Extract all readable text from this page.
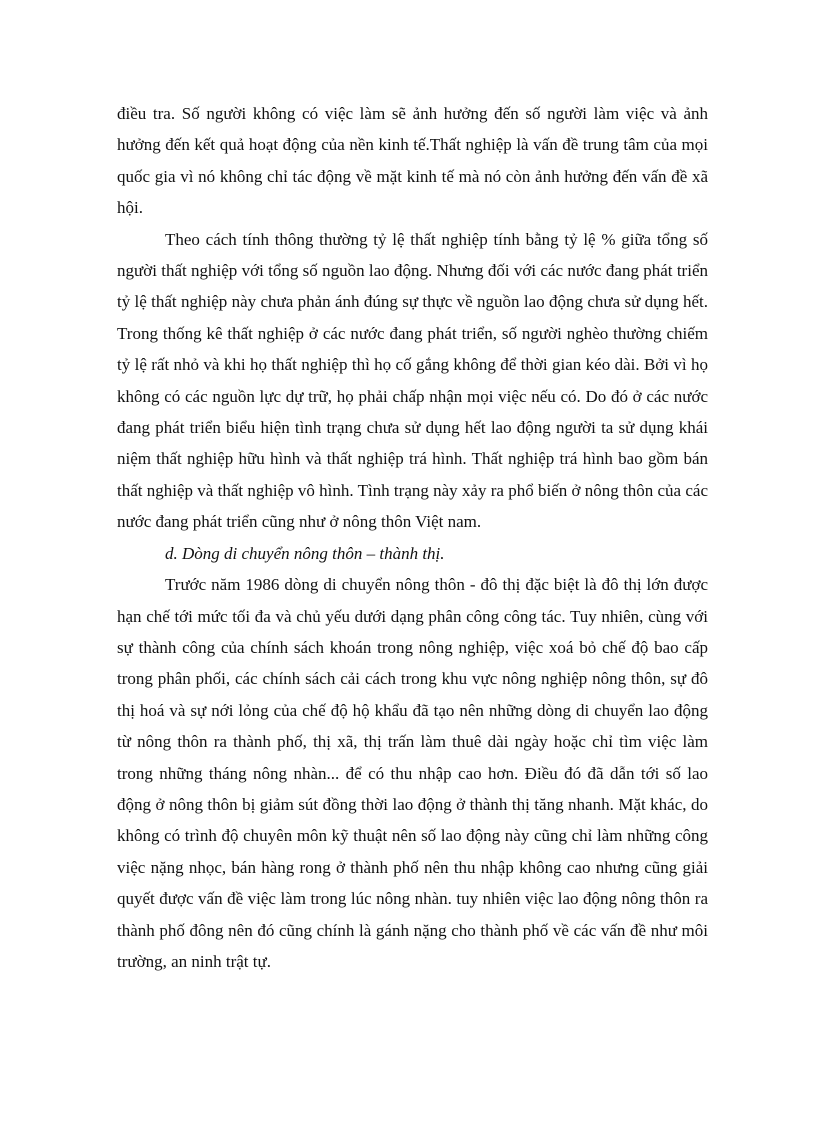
điều tra. Số người không có việc làm sẽ ảnh hưởng đến số người làm việc và ảnh hưởng đến kết quả hoạt động của nền kinh tế.Thất nghiệp là vấn đề trung tâm của mọi quốc gia vì nó không chỉ tác động về mặt kinh tế mà nó còn ảnh hưởng đến vấn đề xã hội.

Theo cách tính thông thường tỷ lệ thất nghiệp tính bằng tỷ lệ % giữa tổng số người thất nghiệp với tổng số nguồn lao động. Nhưng đối với các nước đang phát triển tỷ lệ thất nghiệp này chưa phản ánh đúng sự thực về nguồn lao động chưa sử dụng hết. Trong thống kê thất nghiệp ở các nước đang phát triển, số người nghèo thường chiếm tỷ lệ rất nhỏ và khi họ thất nghiệp thì họ cố gắng không để thời gian kéo dài. Bởi vì họ không có các nguồn lực dự trữ, họ phải chấp nhận mọi việc nếu có. Do đó ở các nước đang phát triển biểu hiện tình trạng chưa sử dụng hết lao động người ta sử dụng khái niệm thất nghiệp hữu hình và thất nghiệp trá hình. Thất nghiệp trá hình bao gồm bán thất nghiệp và thất nghiệp vô hình. Tình trạng này xảy ra phổ biến ở nông thôn của các nước đang phát triển cũng như ở nông thôn Việt nam.

d. Dòng di chuyển nông thôn – thành thị.

Trước năm 1986 dòng di chuyển nông thôn - đô thị đặc biệt là đô thị lớn được hạn chế tới mức tối đa và chủ yếu dưới dạng phân công công tác. Tuy nhiên, cùng với sự thành công của chính sách khoán trong nông nghiệp, việc xoá bỏ chế độ bao cấp trong phân phối, các chính sách cải cách trong khu vực nông nghiệp nông thôn, sự đô thị hoá và sự nới lỏng của chế độ hộ khẩu đã tạo nên những dòng di chuyển lao động từ nông thôn ra thành phố, thị xã, thị trấn làm thuê dài ngày hoặc chỉ tìm việc làm trong những tháng nông nhàn... để có thu nhập cao hơn. Điều đó đã dẫn tới số lao động ở nông thôn bị giảm sút đồng thời lao động ở thành thị tăng nhanh. Mặt khác, do không có trình độ chuyên môn kỹ thuật nên số lao động này cũng chỉ làm những công việc nặng nhọc, bán hàng rong ở thành phố nên thu nhập không cao nhưng cũng giải quyết được vấn đề việc làm trong lúc nông nhàn. tuy nhiên việc lao động nông thôn ra thành phố đông nên đó cũng chính là gánh nặng cho thành phố về các vấn đề như môi trường, an ninh trật tự.
